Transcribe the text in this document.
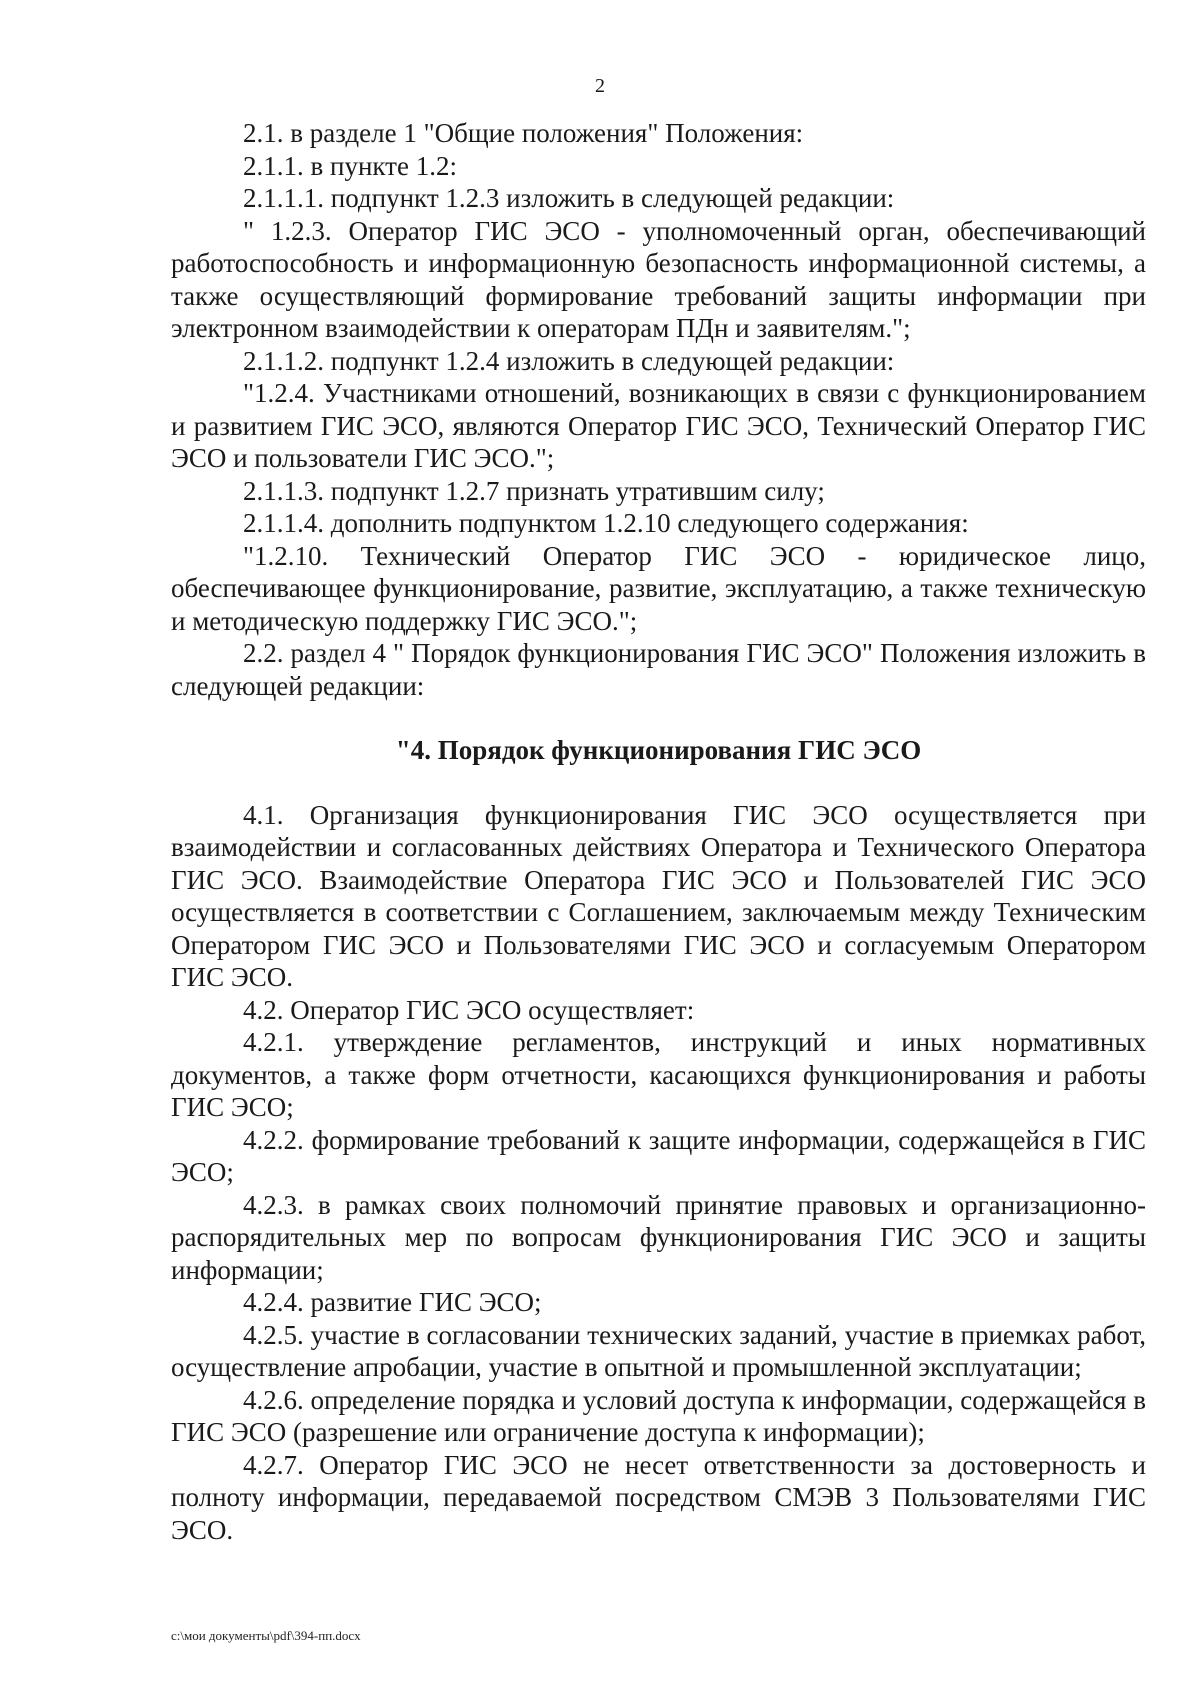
2

2.1. в разделе 1 "Общие положения" Положения:

2.1.1. в пункте 1.2:

2.1.1.1. подпункт 1.2.3 изложить в следующей редакции:

" 1.2.3. Оператор ГИС ЭСО - уполномоченный орган, обеспечивающий работоспособность и информационную безопасность информационной системы, а также осуществляющий формирование требований защиты информации при электронном взаимодействии к операторам ПДн и заявителям.";

2.1.1.2. подпункт 1.2.4 изложить в следующей редакции:

"1.2.4. Участниками отношений, возникающих в связи с функционированием и развитием ГИС ЭСО, являются Оператор ГИС ЭСО, Технический Оператор ГИС ЭСО и пользователи ГИС ЭСО.";

2.1.1.3. подпункт 1.2.7 признать утратившим силу;

2.1.1.4. дополнить подпунктом 1.2.10 следующего содержания:

"1.2.10. Технический Оператор ГИС ЭСО - юридическое лицо, обеспечивающее функционирование, развитие, эксплуатацию, а также техническую и методическую поддержку ГИС ЭСО.";

2.2. раздел 4 " Порядок функционирования ГИС ЭСО" Положения изложить в следующей редакции:

"4. Порядок функционирования ГИС ЭСО

4.1. Организация функционирования ГИС ЭСО осуществляется при взаимодействии и согласованных действиях Оператора и Технического Оператора ГИС ЭСО. Взаимодействие Оператора ГИС ЭСО и Пользователей ГИС ЭСО осуществляется в соответствии с Соглашением, заключаемым между Техническим Оператором ГИС ЭСО и Пользователями ГИС ЭСО и согласуемым Оператором ГИС ЭСО.

4.2. Оператор ГИС ЭСО осуществляет:

4.2.1. утверждение регламентов, инструкций и иных нормативных документов, а также форм отчетности, касающихся функционирования и работы ГИС ЭСО;

4.2.2. формирование требований к защите информации, содержащейся в ГИС ЭСО;

4.2.3. в рамках своих полномочий принятие правовых и организационно-распорядительных мер по вопросам функционирования ГИС ЭСО и защиты информации;

4.2.4. развитие ГИС ЭСО;

4.2.5. участие в согласовании технических заданий, участие в приемках работ, осуществление апробации, участие в опытной и промышленной эксплуатации;

4.2.6. определение порядка и условий доступа к информации, содержащейся в ГИС ЭСО (разрешение или ограничение доступа к информации);

4.2.7. Оператор ГИС ЭСО не несет ответственности за достоверность и полноту информации, передаваемой посредством СМЭВ 3 Пользователями ГИС ЭСО.

c:\мои документы\pdf\394-пп.docx
